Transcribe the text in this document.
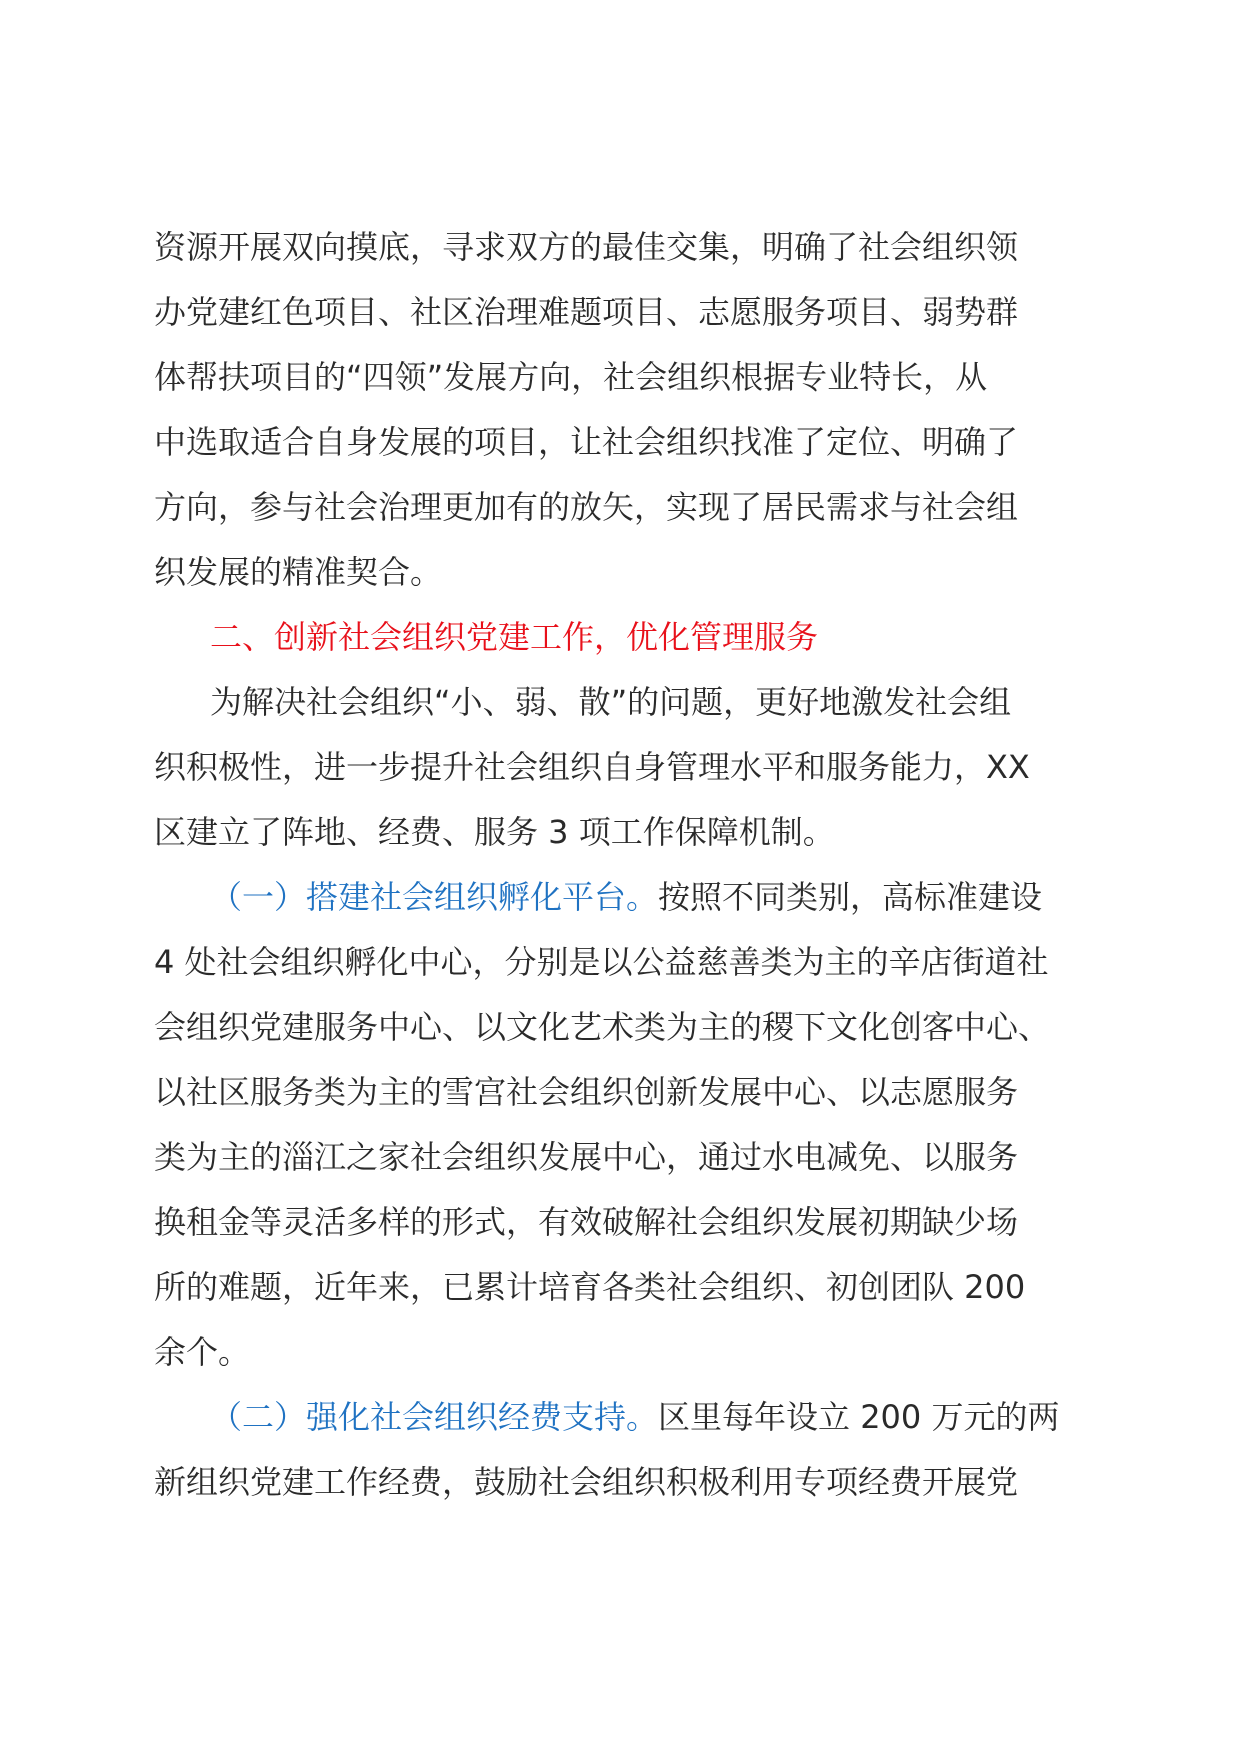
资源开展双向摸底，寻求双方的最佳交集，明确了社会组织领
办党建红色项目、社区治理难题项目、志愿服务项目、弱势群
体帮扶项目的“四领”发展方向，社会组织根据专业特长，从
中选取适合自身发展的项目，让社会组织找准了定位、明确了
方向，参与社会治理更加有的放矢，实现了居民需求与社会组
织发展的精准契合。
二、创新社会组织党建工作，优化管理服务
为解决社会组织“小、弱、散”的问题，更好地激发社会组
织积极性，进一步提升社会组织自身管理水平和服务能力，XX
区建立了阵地、经费、服务 3 项工作保障机制。
（一）搭建社会组织孵化平台。按照不同类别，高标准建设
4 处社会组织孵化中心，分别是以公益慈善类为主的辛店街道社
会组织党建服务中心、以文化艺术类为主的稷下文化创客中心、
以社区服务类为主的雪宫社会组织创新发展中心、以志愿服务
类为主的淄江之家社会组织发展中心，通过水电减免、以服务
换租金等灵活多样的形式，有效破解社会组织发展初期缺少场
所的难题，近年来，已累计培育各类社会组织、初创团队 200
余个。
（二）强化社会组织经费支持。区里每年设立 200 万元的两
新组织党建工作经费，鼓励社会组织积极利用专项经费开展党
